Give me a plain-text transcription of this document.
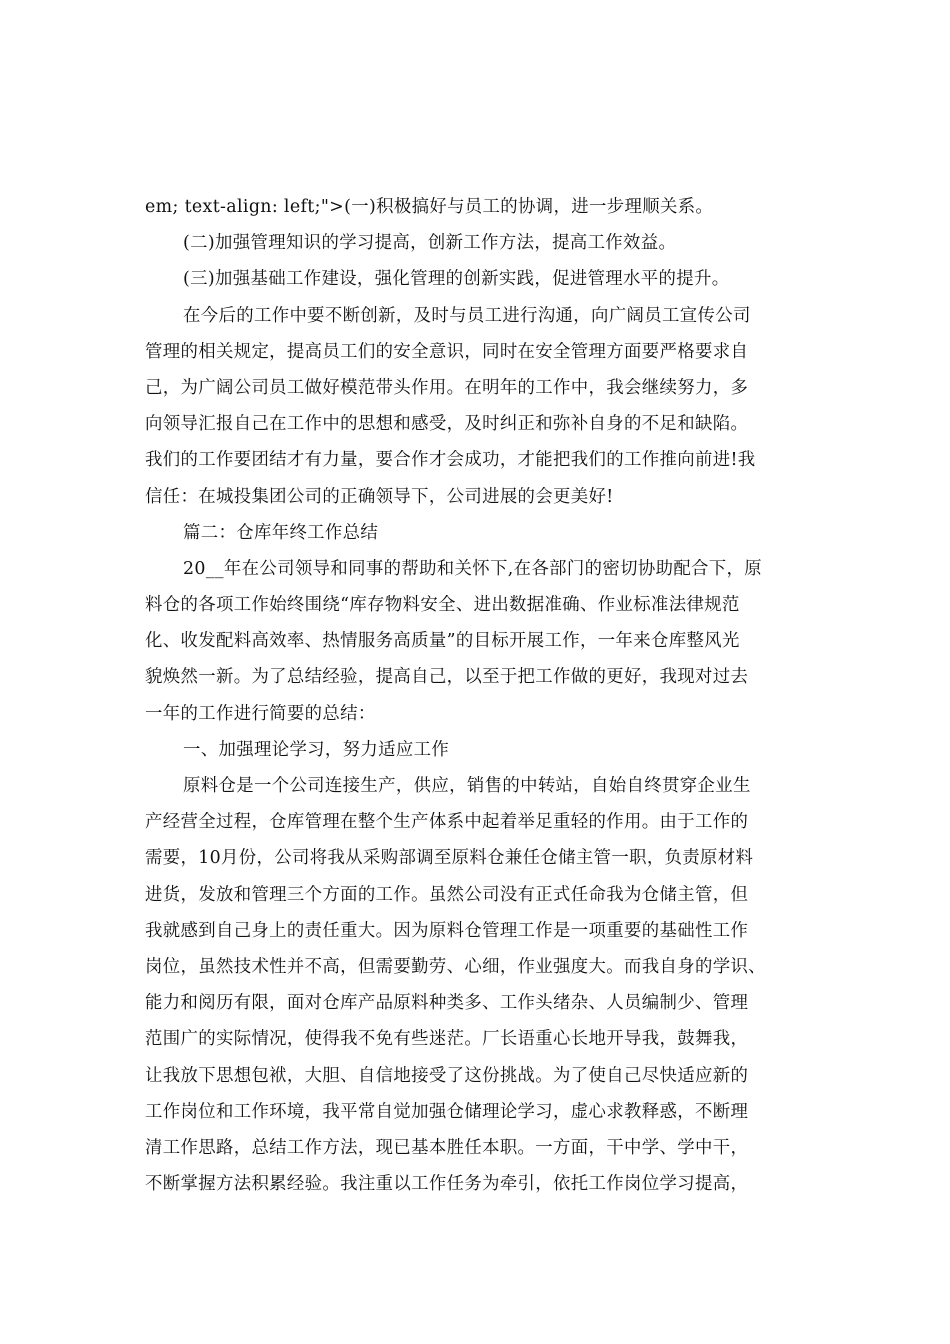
em; text-align: left;">(一)积极搞好与员工的协调，进一步理顺关系。
(二)加强管理知识的学习提高，创新工作方法，提高工作效益。
(三)加强基础工作建设，强化管理的创新实践，促进管理水平的提升。
在今后的工作中要不断创新，及时与员工进行沟通，向广阔员工宣传公司
管理的相关规定，提高员工们的安全意识，同时在安全管理方面要严格要求自
己，为广阔公司员工做好模范带头作用。在明年的工作中，我会继续努力，多
向领导汇报自己在工作中的思想和感受，及时纠正和弥补自身的不足和缺陷。
我们的工作要团结才有力量，要合作才会成功，才能把我们的工作推向前进!我
信任：在城投集团公司的正确领导下，公司进展的会更美好!
篇二：仓库年终工作总结
20__年在公司领导和同事的帮助和关怀下,在各部门的密切协助配合下，原
料仓的各项工作始终围绕“库存物料安全、进出数据准确、作业标准法律规范
化、收发配料高效率、热情服务高质量”的目标开展工作，一年来仓库整风光
貌焕然一新。为了总结经验，提高自己，以至于把工作做的更好，我现对过去
一年的工作进行简要的总结：
一、加强理论学习，努力适应工作
原料仓是一个公司连接生产，供应，销售的中转站，自始自终贯穿企业生
产经营全过程，仓库管理在整个生产体系中起着举足重轻的作用。由于工作的
需要，10月份，公司将我从采购部调至原料仓兼任仓储主管一职，负责原材料
进货，发放和管理三个方面的工作。虽然公司没有正式任命我为仓储主管，但
我就感到自己身上的责任重大。因为原料仓管理工作是一项重要的基础性工作
岗位，虽然技术性并不高，但需要勤劳、心细，作业强度大。而我自身的学识、
能力和阅历有限，面对仓库产品原料种类多、工作头绪杂、人员编制少、管理
范围广的实际情况，使得我不免有些迷茫。厂长语重心长地开导我，鼓舞我，
让我放下思想包袱，大胆、自信地接受了这份挑战。为了使自己尽快适应新的
工作岗位和工作环境，我平常自觉加强仓储理论学习，虚心求教释惑，不断理
清工作思路，总结工作方法，现已基本胜任本职。一方面，干中学、学中干，
不断掌握方法积累经验。我注重以工作任务为牵引，依托工作岗位学习提高，
